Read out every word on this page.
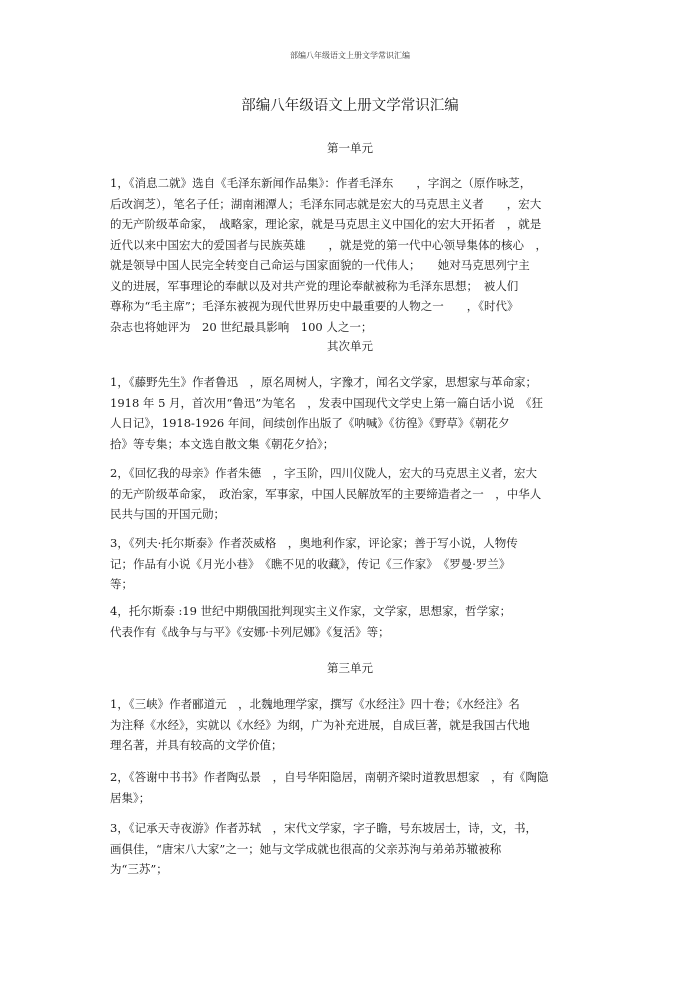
部编八年级语文上册文学常识汇编
部编八年级语文上册文学常识汇编
第一单元
其次单元
第三单元
1，《消息二就》选自《毛泽东新闻作品集》：作者毛泽东　　，字润之（原作咏芝，
后改润芝），笔名子任；湖南湘潭人；毛泽东同志就是宏大的马克思主义者　　，宏大
的无产阶级革命家，　战略家，理论家，就是马克思主义中国化的宏大开拓者　，就是
近代以来中国宏大的爱国者与民族英雄　　，就是党的第一代中心领导集体的核心　，
就是领导中国人民完全转变自己命运与国家面貌的一代伟人；　　她对马克思列宁主
义的进展，军事理论的奉献以及对共产党的理论奉献被称为毛泽东思想；　被人们
尊称为“毛主席”；毛泽东被视为现代世界历史中最重要的人物之一　　，《时代》
杂志也将她评为　20 世纪最具影响　100 人之一；
1，《藤野先生》作者鲁迅　，原名周树人，字豫才，闻名文学家，思想家与革命家；
1918 年 5 月，首次用“鲁迅”为笔名　，发表中国现代文学史上第一篇白话小说　《狂
人日记》，1918-1926 年间，间续创作出版了《呐喊》《彷徨》《野草》《朝花夕
拾》等专集；本文选自散文集《朝花夕拾》；
2，《回忆我的母亲》作者朱德　，字玉阶，四川仪陇人，宏大的马克思主义者，宏大
的无产阶级革命家，　政治家，军事家，中国人民解放军的主要缔造者之一　，中华人
民共与国的开国元勋；
3，《列夫·托尔斯泰》作者茨威格　，奥地利作家，评论家；善于写小说，人物传
记；作品有小说《月光小巷》　《瞧不见的收藏》，传记《三作家》　《罗曼·罗兰》
等；
4，托尔斯泰 :19 世纪中期俄国批判现实主义作家，文学家，思想家，哲学家；
代表作有《战争与与平》《安娜·卡列尼娜》《复活》等；
1，《三峡》作者郦道元　，北魏地理学家，撰写《水经注》四十卷；《水经注》名
为注释《水经》，实就以《水经》为纲，广为补充进展，自成巨著，就是我国古代地
理名著，并具有较高的文学价值；
2，《答谢中书书》作者陶弘景　，自号华阳隐居，南朝齐梁时道教思想家　，有《陶隐
居集》；
3，《记承天寺夜游》作者苏轼　，宋代文学家，字子瞻，号东坡居士，诗，文，书，
画俱佳，“唐宋八大家”之一；她与文学成就也很高的父亲苏洵与弟弟苏辙被称
为“三苏”；
